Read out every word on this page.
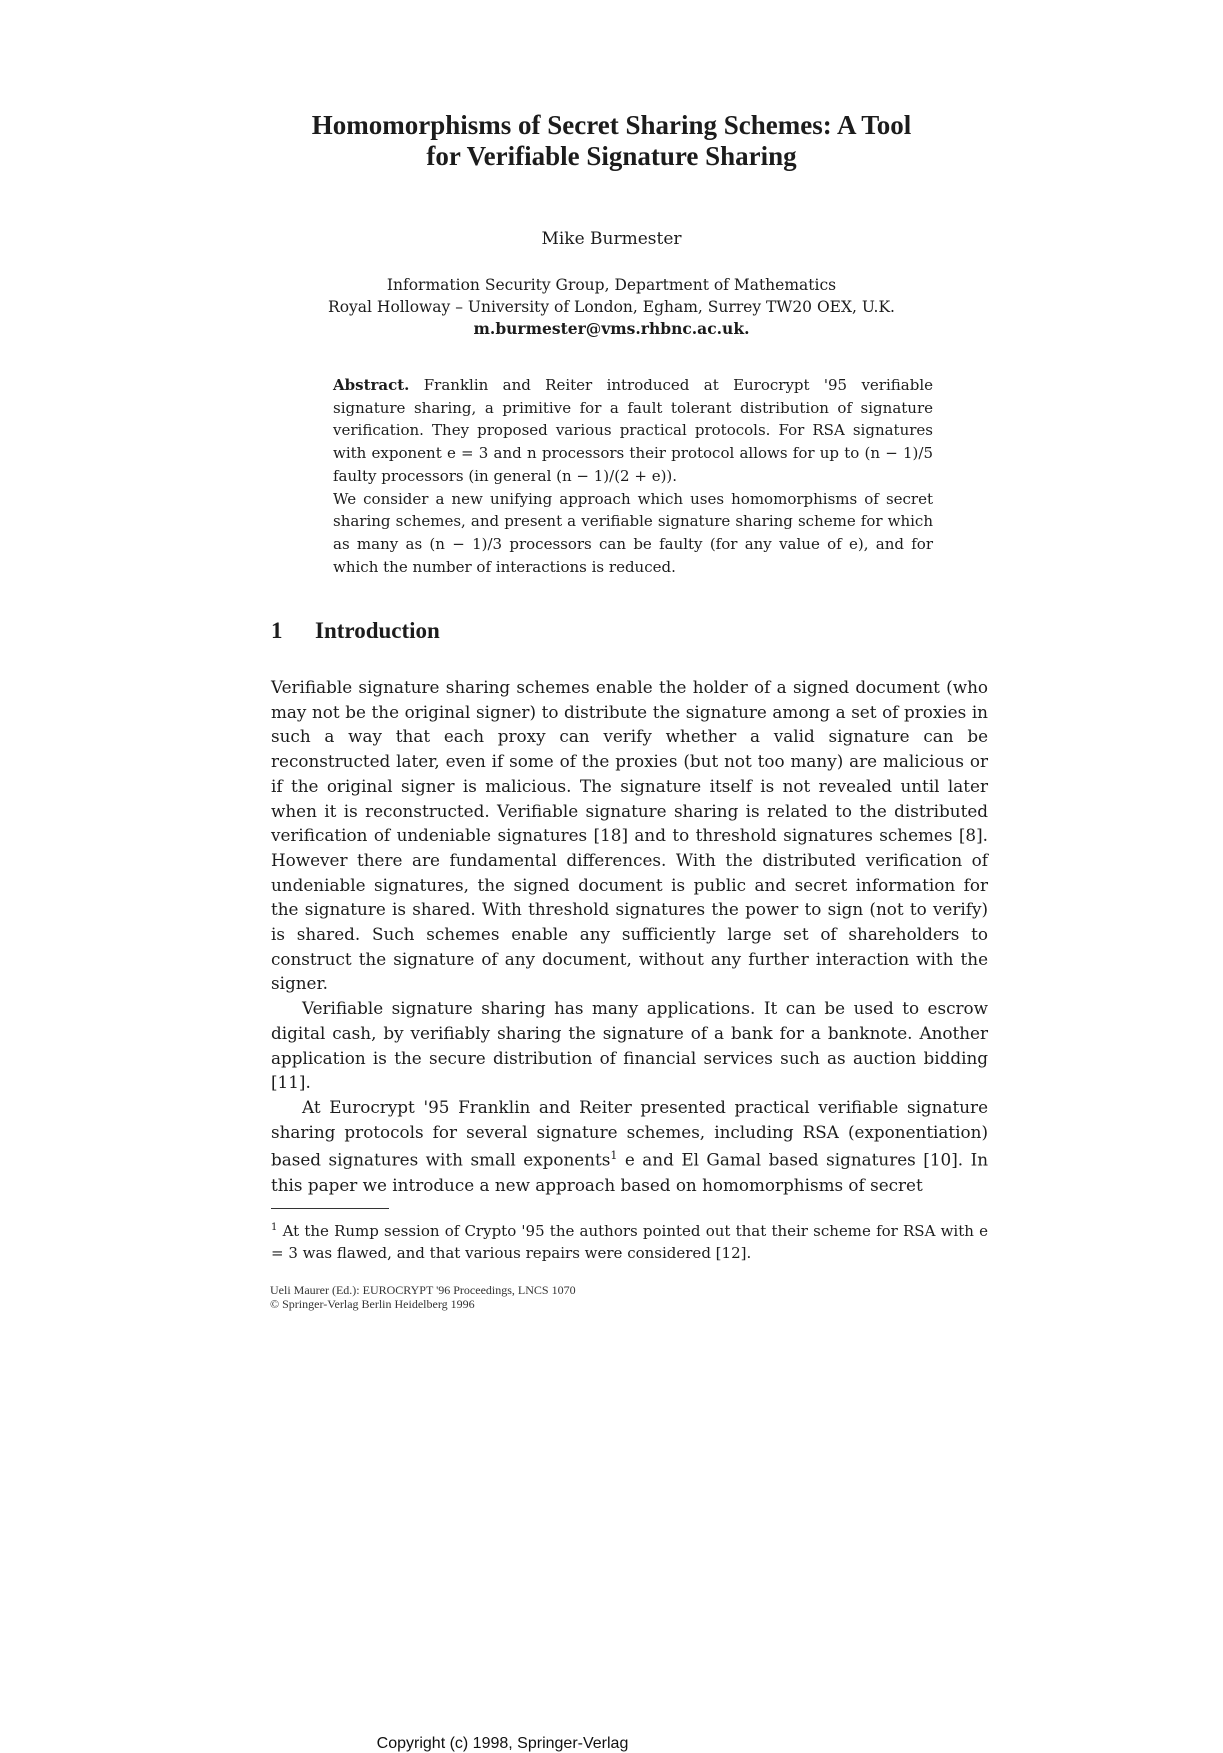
Homomorphisms of Secret Sharing Schemes: A Tool
for Verifiable Signature Sharing
Mike Burmester
Information Security Group, Department of Mathematics
Royal Holloway – University of London, Egham, Surrey TW20 OEX, U.K.
m.burmester@vms.rhbnc.ac.uk.

Abstract. Franklin and Reiter introduced at Eurocrypt '95 verifiable signature sharing, a primitive for a fault tolerant distribution of signature verification. They proposed various practical protocols. For RSA signatures with exponent e = 3 and n processors their protocol allows for up to (n − 1)/5 faulty processors (in general (n − 1)/(2 + e)).

We consider a new unifying approach which uses homomorphisms of secret sharing schemes, and present a verifiable signature sharing scheme for which as many as (n − 1)/3 processors can be faulty (for any value of e), and for which the number of interactions is reduced.

1 Introduction

Verifiable signature sharing schemes enable the holder of a signed document (who may not be the original signer) to distribute the signature among a set of proxies in such a way that each proxy can verify whether a valid signature can be reconstructed later, even if some of the proxies (but not too many) are malicious or if the original signer is malicious. The signature itself is not revealed until later when it is reconstructed. Verifiable signature sharing is related to the distributed verification of undeniable signatures [18] and to threshold signatures schemes [8]. However there are fundamental differences. With the distributed verification of undeniable signatures, the signed document is public and secret information for the signature is shared. With threshold signatures the power to sign (not to verify) is shared. Such schemes enable any sufficiently large set of shareholders to construct the signature of any document, without any further interaction with the signer.

Verifiable signature sharing has many applications. It can be used to escrow digital cash, by verifiably sharing the signature of a bank for a banknote. Another application is the secure distribution of financial services such as auction bidding [11].

At Eurocrypt '95 Franklin and Reiter presented practical verifiable signature sharing protocols for several signature schemes, including RSA (exponentiation) based signatures with small exponents$^1$ e and El Gamal based signatures [10]. In this paper we introduce a new approach based on homomorphisms of secret

$^1$ At the Rump session of Crypto '95 the authors pointed out that their scheme for RSA with e = 3 was flawed, and that various repairs were considered [12].
Ueli Maurer (Ed.): EUROCRYPT '96 Proceedings, LNCS 1070
© Springer-Verlag Berlin Heidelberg 1996
Copyright (c) 1998, Springer-Verlag
